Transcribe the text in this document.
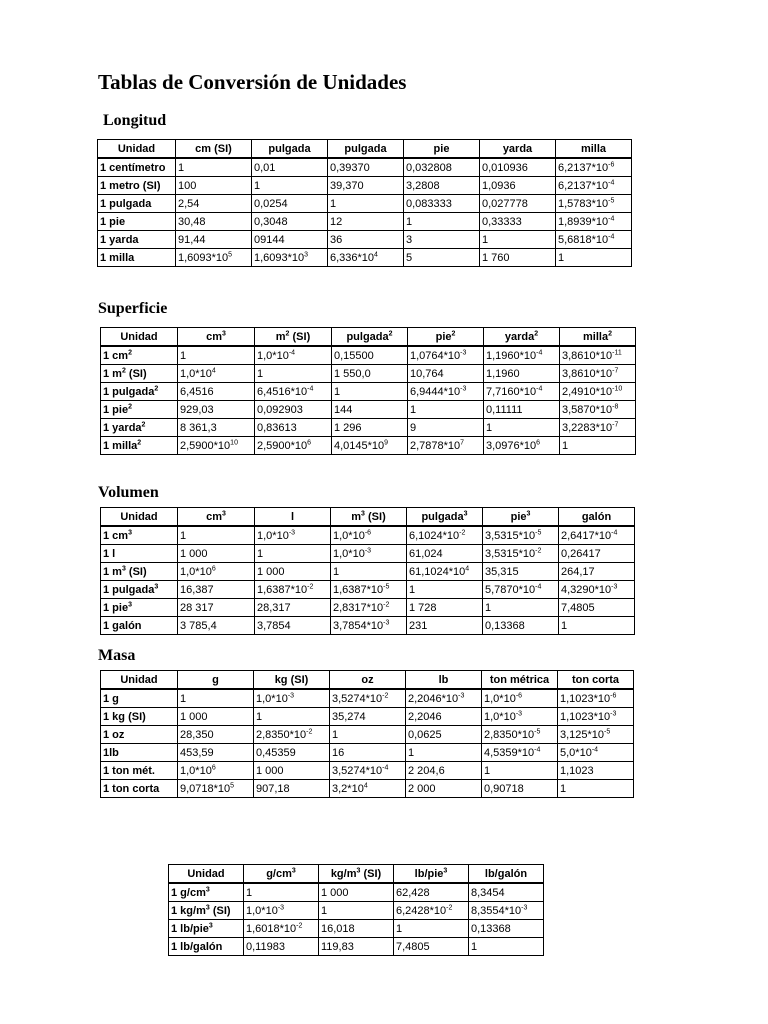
Tablas de Conversión de Unidades
Longitud
Unidad	cm (SI)	pulgada	pulgada	pie	yarda	milla
1 centímetro	1	0,01	0,39370	0,032808	0,010936	$6,2137*10^{-6}$
1 metro (SI)	100	1	39,370	3,2808	1,0936	$6,2137*10^{-4}$
1 pulgada	2,54	0,0254	1	0,083333	0,027778	$1,5783*10^{-5}$
1 pie	30,48	0,3048	12	1	0,33333	$1,8939*10^{-4}$
1 yarda	91,44	09144	36	3	1	$5,6818*10^{-4}$
1 milla	$1,6093*10^5$	$1,6093*10^3$	$6,336*10^4$	5	1 760	1
Superficie
Unidad	$cm^3$	$m^2$ (SI)	pulgada$^2$	pie$^2$	yarda$^2$	milla$^2$
1 $cm^2$	1	$1,0*10^{-4}$	0,15500	$1,0764*10^{-3}$	$1,1960*10^{-4}$	$3,8610*10^{-11}$
1 $m^2$ (SI)	$1,0*10^4$	1	1 550,0	10,764	1,1960	$3,8610*10^{-7}$
1 pulgada$^2$	6,4516	$6,4516*10^{-4}$	1	$6,9444*10^{-3}$	$7,7160*10^{-4}$	$2,4910*10^{-10}$
1 pie$^2$	929,03	0,092903	144	1	0,11111	$3,5870*10^{-8}$
1 yarda$^2$	8 361,3	0,83613	1 296	9	1	$3,2283*10^{-7}$
1 milla$^2$	$2,5900*10^{10}$	$2,5900*10^6$	$4,0145*10^9$	$2,7878*10^7$	$3,0976*10^6$	1
Volumen
Unidad	$cm^3$	l	$m^3$ (SI)	pulgada$^3$	pie$^3$	galón
1 $cm^3$	1	$1,0*10^{-3}$	$1,0*10^{-6}$	$6,1024*10^{-2}$	$3,5315*10^{-5}$	$2,6417*10^{-4}$
1 l	1 000	1	$1,0*10^{-3}$	61,024	$3,5315*10^{-2}$	0,26417
1 $m^3$ (SI)	$1,0*10^6$	1 000	1	$61,1024*10^4$	35,315	264,17
1 pulgada$^3$	16,387	$1,6387*10^{-2}$	$1,6387*10^{-5}$	1	$5,7870*10^{-4}$	$4,3290*10^{-3}$
1 pie$^3$	28 317	28,317	$2,8317*10^{-2}$	1 728	1	7,4805
1 galón	3 785,4	3,7854	$3,7854*10^{-3}$	231	0,13368	1
Masa
Unidad	g	kg (SI)	oz	lb	ton métrica	ton corta
1 g	1	$1,0*10^{-3}$	$3,5274*10^{-2}$	$2,2046*10^{-3}$	$1,0*10^{-6}$	$1,1023*10^{-6}$
1 kg (SI)	1 000	1	35,274	2,2046	$1,0*10^{-3}$	$1,1023*10^{-3}$
1 oz	28,350	$2,8350*10^{-2}$	1	0,0625	$2,8350*10^{-5}$	$3,125*10^{-5}$
1lb	453,59	0,45359	16	1	$4,5359*10^{-4}$	$5,0*10^{-4}$
1 ton mét.	$1,0*10^6$	1 000	$3,5274*10^{-4}$	2 204,6	1	1,1023
1 ton corta	$9,0718*10^5$	907,18	$3,2*10^4$	2 000	0,90718	1
Unidad	$g/cm^3$	$kg/m^3$ (SI)	lb/pie$^3$	lb/galón
1 $g/cm^3$	1	1 000	62,428	8,3454
1 $kg/m^3$ (SI)	$1,0*10^{-3}$	1	$6,2428*10^{-2}$	$8,3554*10^{-3}$
1 lb/pie$^3$	$1,6018*10^{-2}$	16,018	1	0,13368
1 lb/galón	0,11983	119,83	7,4805	1
